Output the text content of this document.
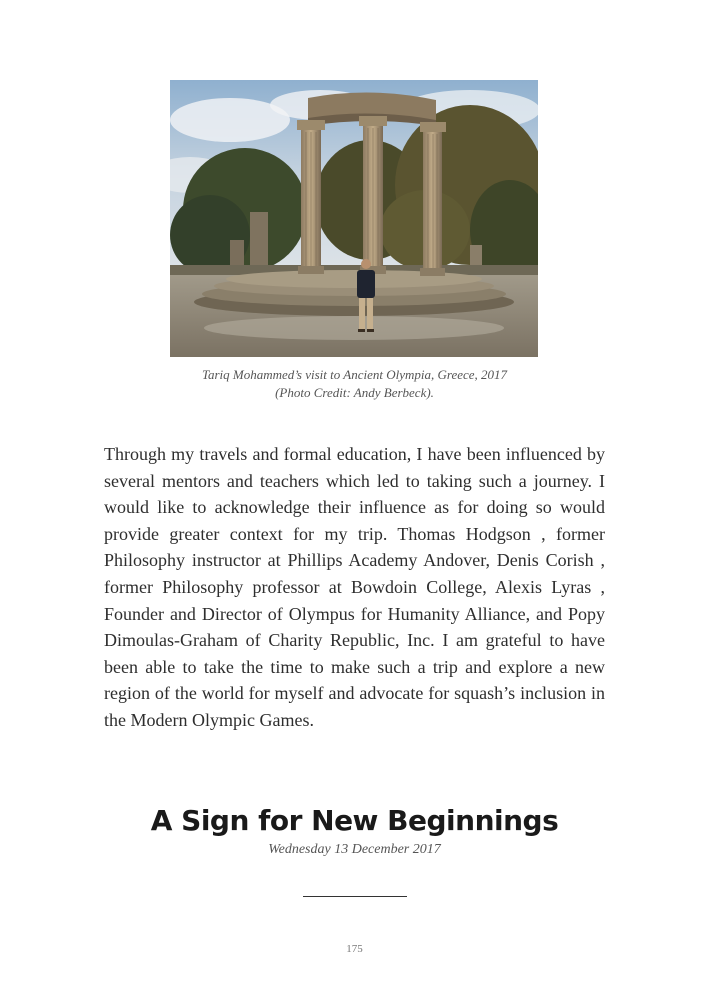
Tariq Mohammed’s visit to Ancient Olympia, Greece, 2017
(Photo Credit: Andy Berbeck).

Through my travels and formal education, I have been influenced by several mentors and teachers which led to taking such a journey. I would like to acknowledge their influence as for doing so would provide greater context for my trip. Thomas Hodgson , former Philosophy instructor at Phillips Academy Andover, Denis Corish , former Philosophy professor at Bowdoin College, Alexis Lyras , Founder and Director of Olympus for Humanity Alliance, and Popy Dimoulas-Graham of Charity Republic, Inc. I am grateful to have been able to take the time to make such a trip and explore a new region of the world for myself and advocate for squash’s inclusion in the Modern Olympic Games.

A Sign for New Beginnings
Wednesday 13 December 2017
175
